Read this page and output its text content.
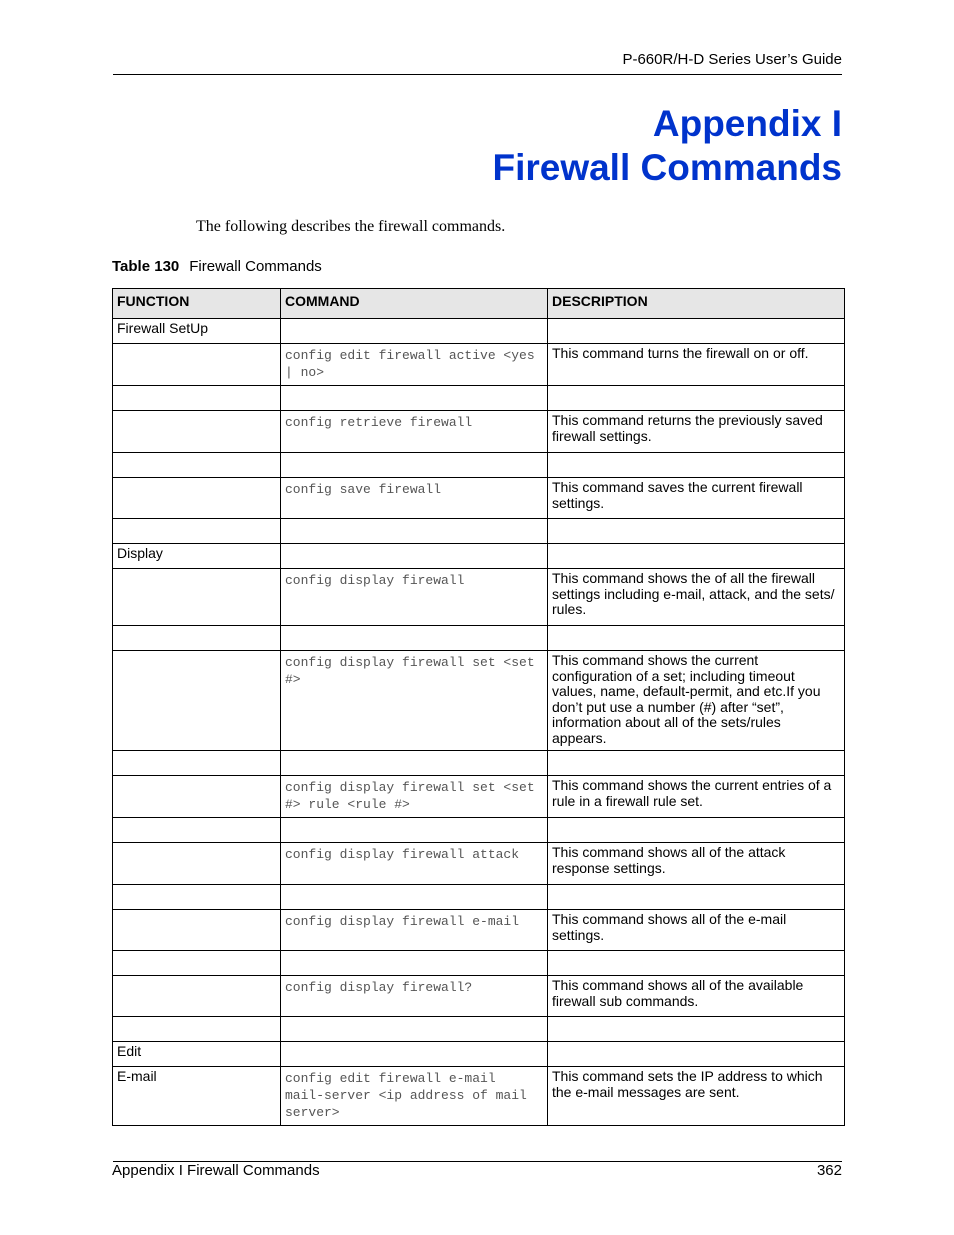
P-660R/H-D Series User’s Guide
Appendix I
Firewall Commands
The following describes the firewall commands.
Table 130 Firewall Commands
FUNCTION	COMMAND	DESCRIPTION
Firewall SetUp		
	config edit firewall active <yes | no>	This command turns the firewall on or off.

	config retrieve firewall	This command returns the previously saved firewall settings.

	config save firewall	This command saves the current firewall settings.

Display		
	config display firewall	This command shows the of all the firewall settings including e-mail, attack, and the sets/ rules.

	config display firewall set <set #>	This command shows the current configuration of a set; including timeout values, name, default-permit, and etc.If you don’t put use a number (#) after “set”, information about all of the sets/rules appears.

	config display firewall set <set #> rule <rule #>	This command shows the current entries of a rule in a firewall rule set.

	config display firewall attack	This command shows all of the attack response settings.

	config display firewall e-mail	This command shows all of the e-mail settings.

	config display firewall?	This command shows all of the available firewall sub commands.

Edit		
E-mail	config edit firewall e-mail mail-server <ip address of mail server>	This command sets the IP address to which the e-mail messages are sent.
Appendix I Firewall Commands	362
